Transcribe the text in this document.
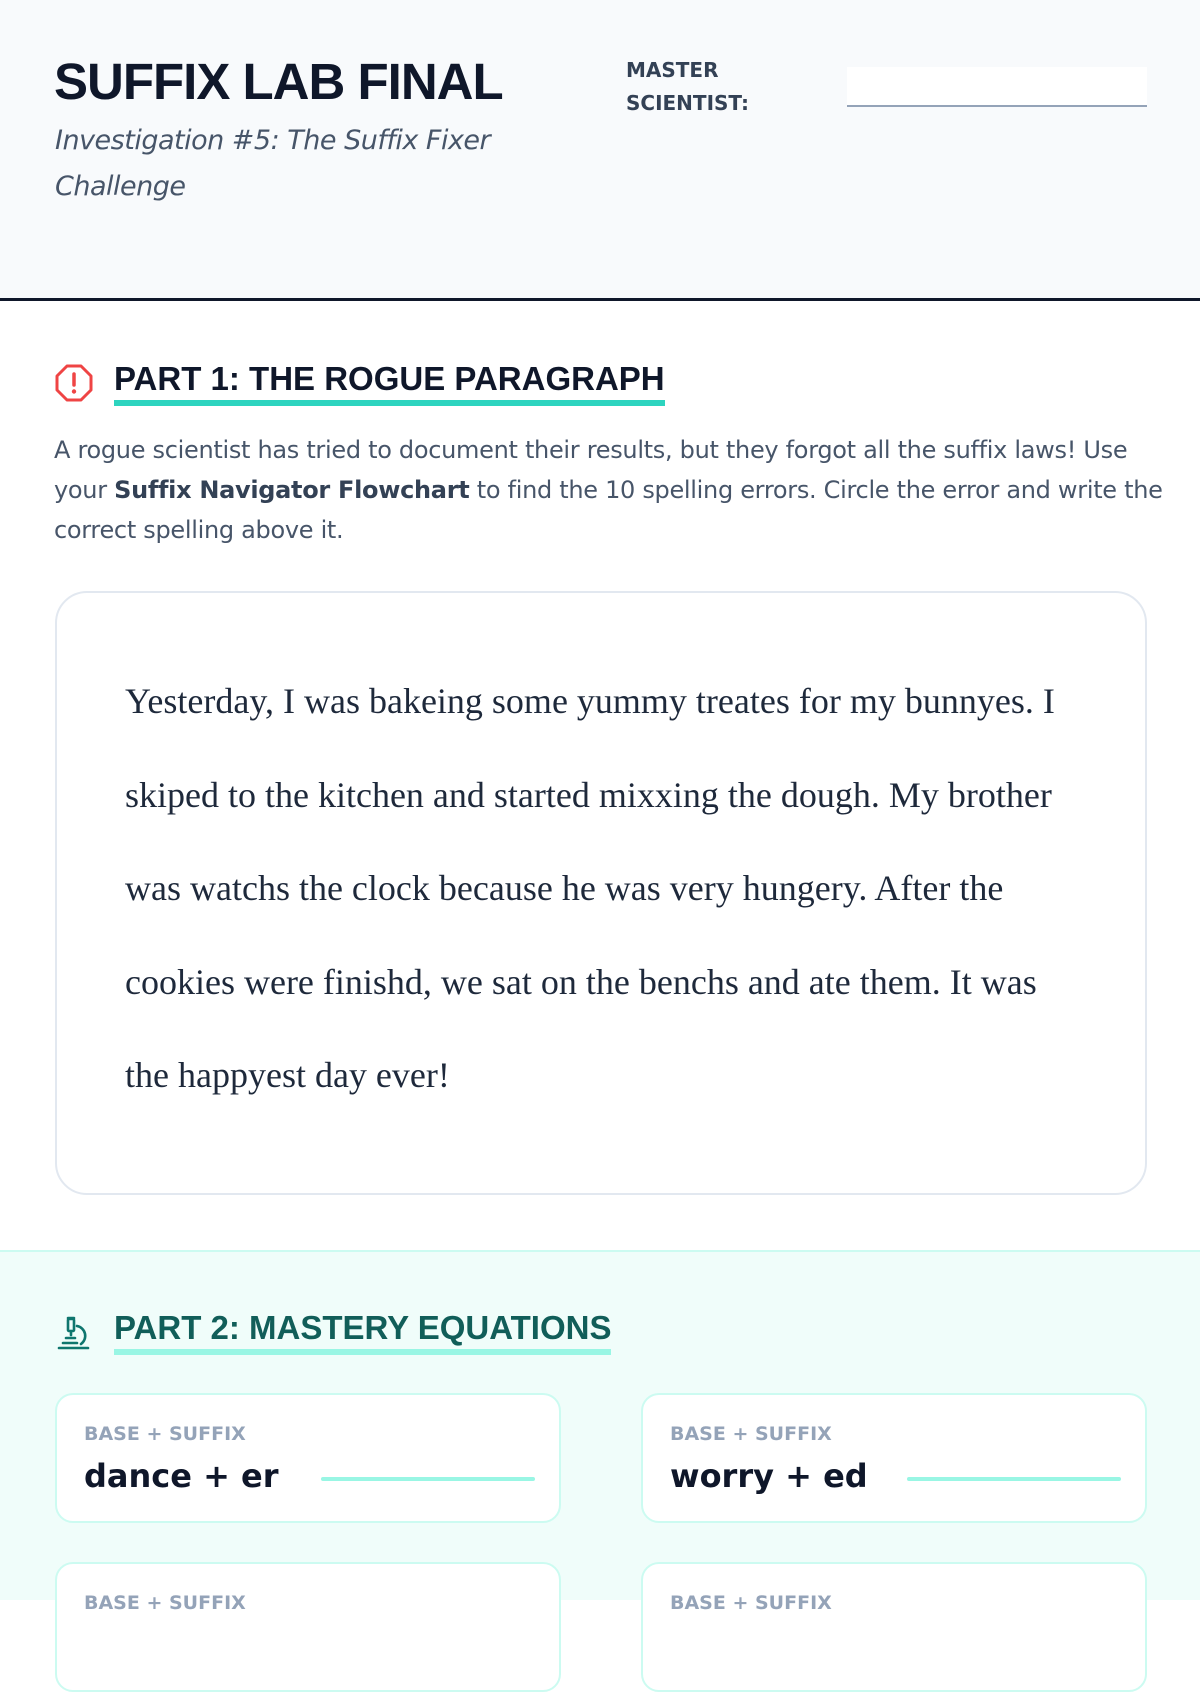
SUFFIX LAB FINAL
Investigation #5: The Suffix Fixer Challenge
MASTER SCIENTIST:
PART 1: THE ROGUE PARAGRAPH
A rogue scientist has tried to document their results, but they forgot all the suffix laws! Use your Suffix Navigator Flowchart to find the 10 spelling errors. Circle the error and write the correct spelling above it.
Yesterday, I was bakeing some yummy treates for my bunnyes. I skiped to the kitchen and started mixxing the dough. My brother was watchs the clock because he was very hungery. After the cookies were finishd, we sat on the benchs and ate them. It was the happyest day ever!
PART 2: MASTERY EQUATIONS
BASE + SUFFIX
dance + er
BASE + SUFFIX
worry + ed
BASE + SUFFIX	BASE + SUFFIX
